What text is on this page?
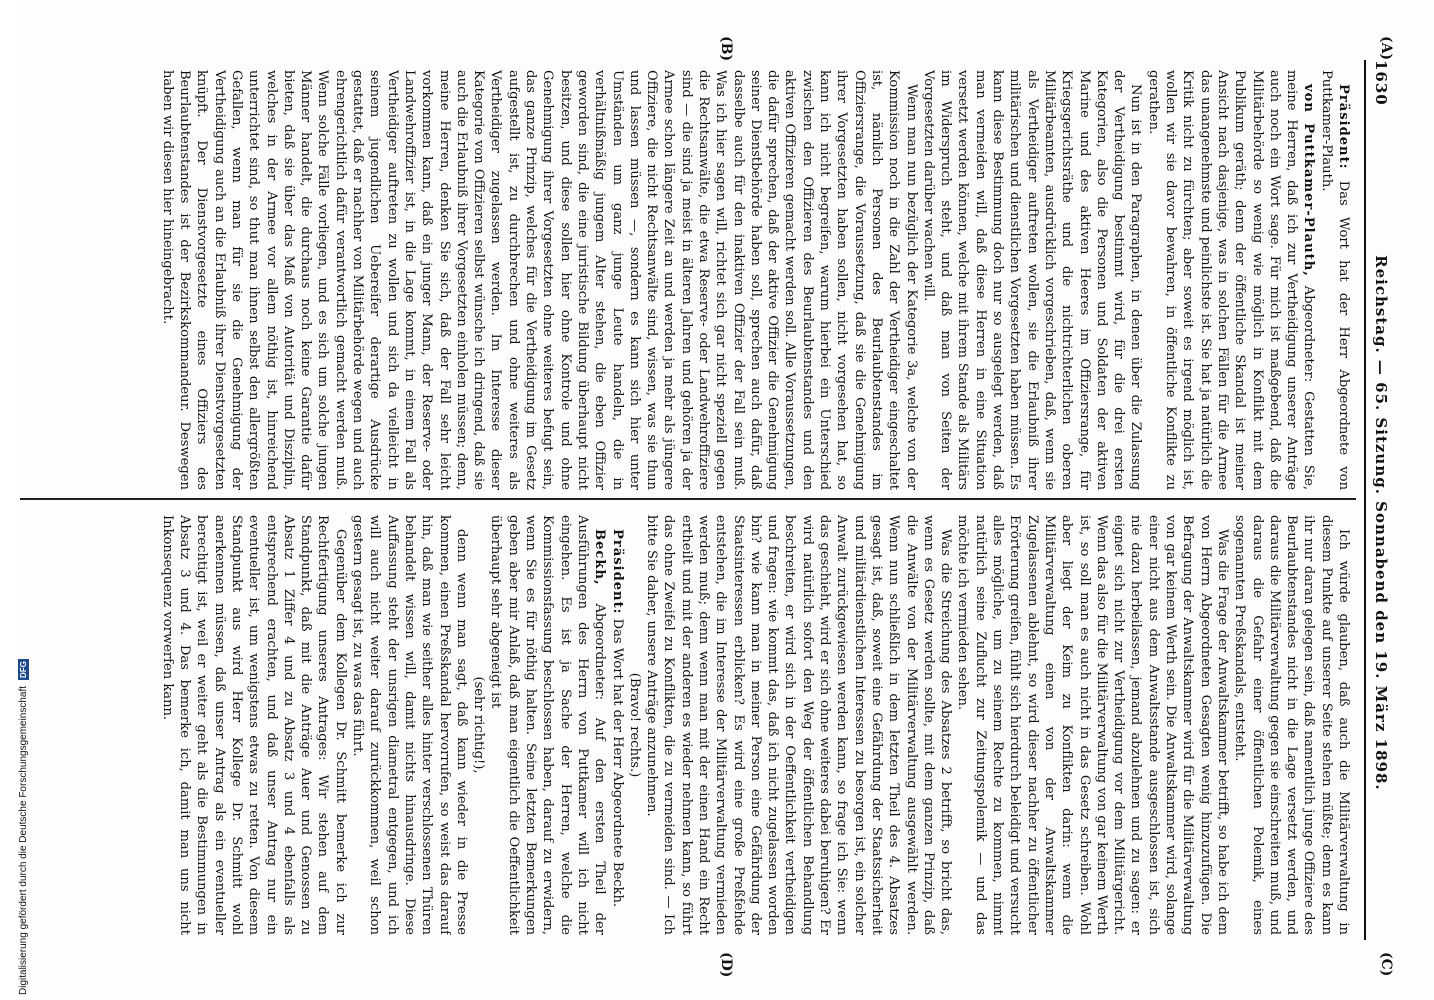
(A)
(B)
(C)
(D)
1630
Reichstag. — 65. Sitzung. Sonnabend den 19. März 1898.

Präsident: Das Wort hat der Herr Abgeordnete von Puttkamer-Plauth.

von Puttkamer-Plauth, Abgeordneter: Gestatten Sie, meine Herren, daß ich zur Vertheidigung unserer Anträge auch noch ein Wort sage. Für mich ist maßgebend, daß die Militärbehörde so wenig wie möglich in Konflikt mit dem Publikum geräth; denn der öffentliche Skandal ist meiner Ansicht nach dasjenige, was in solchen Fällen für die Armee das unangenehmste und peinlichste ist. Sie hat ja natürlich die Kritik nicht zu fürchten; aber soweit es irgend möglich ist, wollen wir sie davor bewahren, in öffentliche Konflikte zu gerathen.

Nun ist in den Paragraphen, in denen über die Zulassung der Vertheidigung bestimmt wird, für die drei ersten Kategorien, also die Personen und Soldaten der aktiven Marine und des aktiven Heeres im Offiziersrange, für Kriegsgerichtsräthe und die nichtrichterlichen oberen Militärbeamten, ausdrücklich vorgeschrieben, daß, wenn sie als Vertheidiger auftreten wollen, sie die Erlaubniß ihrer militärischen und dienstlichen Vorgesetzten haben müssen. Es kann diese Bestimmung doch nur so ausgelegt werden, daß man vermeiden will, daß diese Herren in eine Situation versetzt werden können, welche mit ihrem Stande als Militärs im Widerspruch steht, und daß man von Seiten der Vorgesetzten darüber wachen will.

Wenn man nun bezüglich der Kategorie 3a, welche von der Kommission noch in die Zahl der Vertheidiger eingeschaltet ist, nämlich Personen des Beurlaubtenstandes im Offiziersrange, die Voraussetzung, daß sie die Genehmigung ihrer Vorgesetzten haben sollen, nicht vorgesehen hat, so kann ich nicht begreifen, warum hierbei ein Unterschied zwischen den Offizieren des Beurlaubtenstandes und den aktiven Offizieren gemacht werden soll. Alle Voraussetzungen, die dafür sprechen, daß der aktive Offizier die Genehmigung seiner Dienstbehörde haben soll, sprechen auch dafür, daß dasselbe auch für den inaktiven Offizier der Fall sein muß. Was ich hier sagen will, richtet sich gar nicht speziell gegen die Rechtsanwälte, die etwa Reserve- oder Landwehroffiziere sind — die sind ja meist in älteren Jahren und gehören ja der Armee schon längere Zeit an und werden ja mehr als jüngere Offiziere, die nicht Rechtsanwälte sind, wissen, was sie thun und lassen müssen —, sondern es kann sich hier unter Umständen um ganz junge Leute handeln, die in verhältnißmäßig jungem Alter stehen, die eben Offizier geworden sind, die eine juristische Bildung überhaupt nicht besitzen, und diese sollen hier ohne Kontrole und ohne Genehmigung ihrer Vorgesetzten ohne weiteres befugt sein, das ganze Prinzip, welches für die Vertheidigung im Gesetz aufgestellt ist, zu durchbrechen und ohne weiteres als Vertheidiger zugelassen werden. Im Interesse dieser Kategorie von Offizieren selbst wünsche ich dringend, daß sie auch die Erlaubniß ihrer Vorgesetzten einholen müssen; denn, meine Herren, denken Sie sich, daß der Fall sehr leicht vorkommen kann, daß ein junger Mann, der Reserve- oder Landwehroffizier ist, in die Lage kommt, in einem Fall als Vertheidiger auftreten zu wollen und sich da vielleicht in seinem jugendlichen Uebereifer derartige Ausdrücke gestattet, daß er nachher von Militärbehörde wegen und auch ehrengerichtlich dafür verantwortlich gemacht werden muß. Wenn solche Fälle vorliegen, und es sich um solche jungen Männer handelt, die durchaus noch keine Garantie dafür bieten, daß sie über das Maß von Autorität und Disziplin, welches in der Armee vor allem nöthig ist, hinreichend unterrichtet sind, so thut man ihnen selbst den allergrößten Gefallen, wenn man für sie die Genehmigung der Vertheidigung auch an die Erlaubniß ihrer Dienstvorgesetzten knüpft. Der Dienstvorgesetzte eines Offiziers des Beurlaubtenstandes ist der Bezirkskommandeur. Deswegen haben wir diesen hier hineingebracht.

Ich würde glauben, daß auch die Militärverwaltung in diesem Punkte auf unserer Seite stehen müßte; denn es kann ihr nur daran gelegen sein, daß namentlich junge Offiziere des Beurlaubtenstandes nicht in die Lage versetzt werden, und daraus die Militärverwaltung gegen sie einschreiten muß, und daraus die Gefahr einer öffentlichen Polemik, eines sogenannten Preßskandals, entsteht.

Was die Frage der Anwaltskammer betrifft, so habe ich dem von Herrn Abgeordneten Gesagten wenig hinzuzufügen. Die Befragung der Anwaltskammer wird für die Militärverwaltung von gar keinem Werth sein. Die Anwaltskammer wird, solange einer nicht aus dem Anwaltsstande ausgeschlossen ist, sich nie dazu herbeilassen, jemand abzulehnen und zu sagen: er eignet sich nicht zur Vertheidigung vor dem Militärgericht. Wenn das also für die Militärverwaltung von gar keinem Werth ist, so soll man es auch nicht in das Gesetz schreiben. Wohl aber liegt der Keim zu Konflikten darin: wenn die Militärverwaltung einen von der Anwaltskammer Zugelassenen ablehnt, so wird dieser nachher zu öffentlicher Erörterung greifen, fühlt sich hierdurch beleidigt und versucht alles mögliche, um zu seinem Rechte zu kommen, nimmt natürlich seine Zuflucht zur Zeitungspolemik — und das möchte ich vermieden sehen.

Was die Streichung des Absatzes 2 betrifft, so bricht das, wenn es Gesetz werden sollte, mit dem ganzen Prinzip, daß die Anwälte von der Militärverwaltung ausgewählt werden. Wenn nun schließlich in dem letzten Theil des 4. Absatzes gesagt ist, daß, soweit eine Gefährdung der Staatssicherheit und militärdienstlichen Interessen zu besorgen ist, ein solcher Anwalt zurückgewiesen werden kann, so frage ich Sie: wenn das geschieht, wird er sich ohne weiteres dabei beruhigen? Er wird natürlich sofort den Weg der öffentlichen Behandlung beschreiten, er wird sich in der Oeffentlichkeit vertheidigen und fragen: wie kommt das, daß ich nicht zugelassen worden bin? wie kann man in meiner Person eine Gefährdung der Staatsinteressen erblicken? Es wird eine große Preßfehde entstehen, die im Interesse der Militärverwaltung vermieden werden muß; denn wenn man mit der einen Hand ein Recht ertheilt und mit der anderen es wieder nehmen kann, so führt das ohne Zweifel zu Konflikten, die zu vermeiden sind. — Ich bitte Sie daher, unsere Anträge anzunehmen.

(Bravo! rechts.)

Präsident: Das Wort hat der Herr Abgeordnete Beckh.

Beckh, Abgeordneter: Auf den ersten Theil der Ausführungen des Herrn von Puttkamer will ich nicht eingehen. Es ist ja Sache der Herren, welche die Kommissionsfassung beschlossen haben, darauf zu erwidern, wenn Sie es für nöthig halten. Seine letzten Bemerkungen geben aber mir Anlaß, daß man eigentlich die Oeffentlichkeit überhaupt sehr abgeneigt ist

(sehr richtig!),

denn wenn man sagt, daß kann wieder in die Presse kommen, einen Preßskandal hervorrufen, so weist das darauf hin, daß man wie seither alles hinter verschlossenen Thüren behandelt wissen will, damit nichts hinausdringe. Diese Auffassung steht der unsrigen diametral entgegen, und ich will auch nicht weiter darauf zurückkommen, weil schon gestern gesagt ist, zu was das führt.

Gegenüber dem Kollegen Dr. Schmitt bemerke ich zur Rechtfertigung unseres Antrages: Wir stehen auf dem Standpunkt, daß mit die Anträge Auer und Genossen zu Absatz 1 Ziffer 4 und zu Absatz 3 und 4 ebenfalls als entsprechend erachten, und daß unser Antrag nur ein eventueller ist, um wenigstens etwas zu retten. Von diesem Standpunkt aus wird Herr Kollege Dr. Schmitt wohl anerkennen müssen, daß unser Antrag als ein eventueller berechtigt ist, weil er weiter geht als die Bestimmungen in Absatz 3 und 4. Das bemerke ich, damit man uns nicht Inkonsequenz vorwerfen kann.

Digitalisierung gefördert durch die Deutsche Forschungsgemeinschaft
DFG
